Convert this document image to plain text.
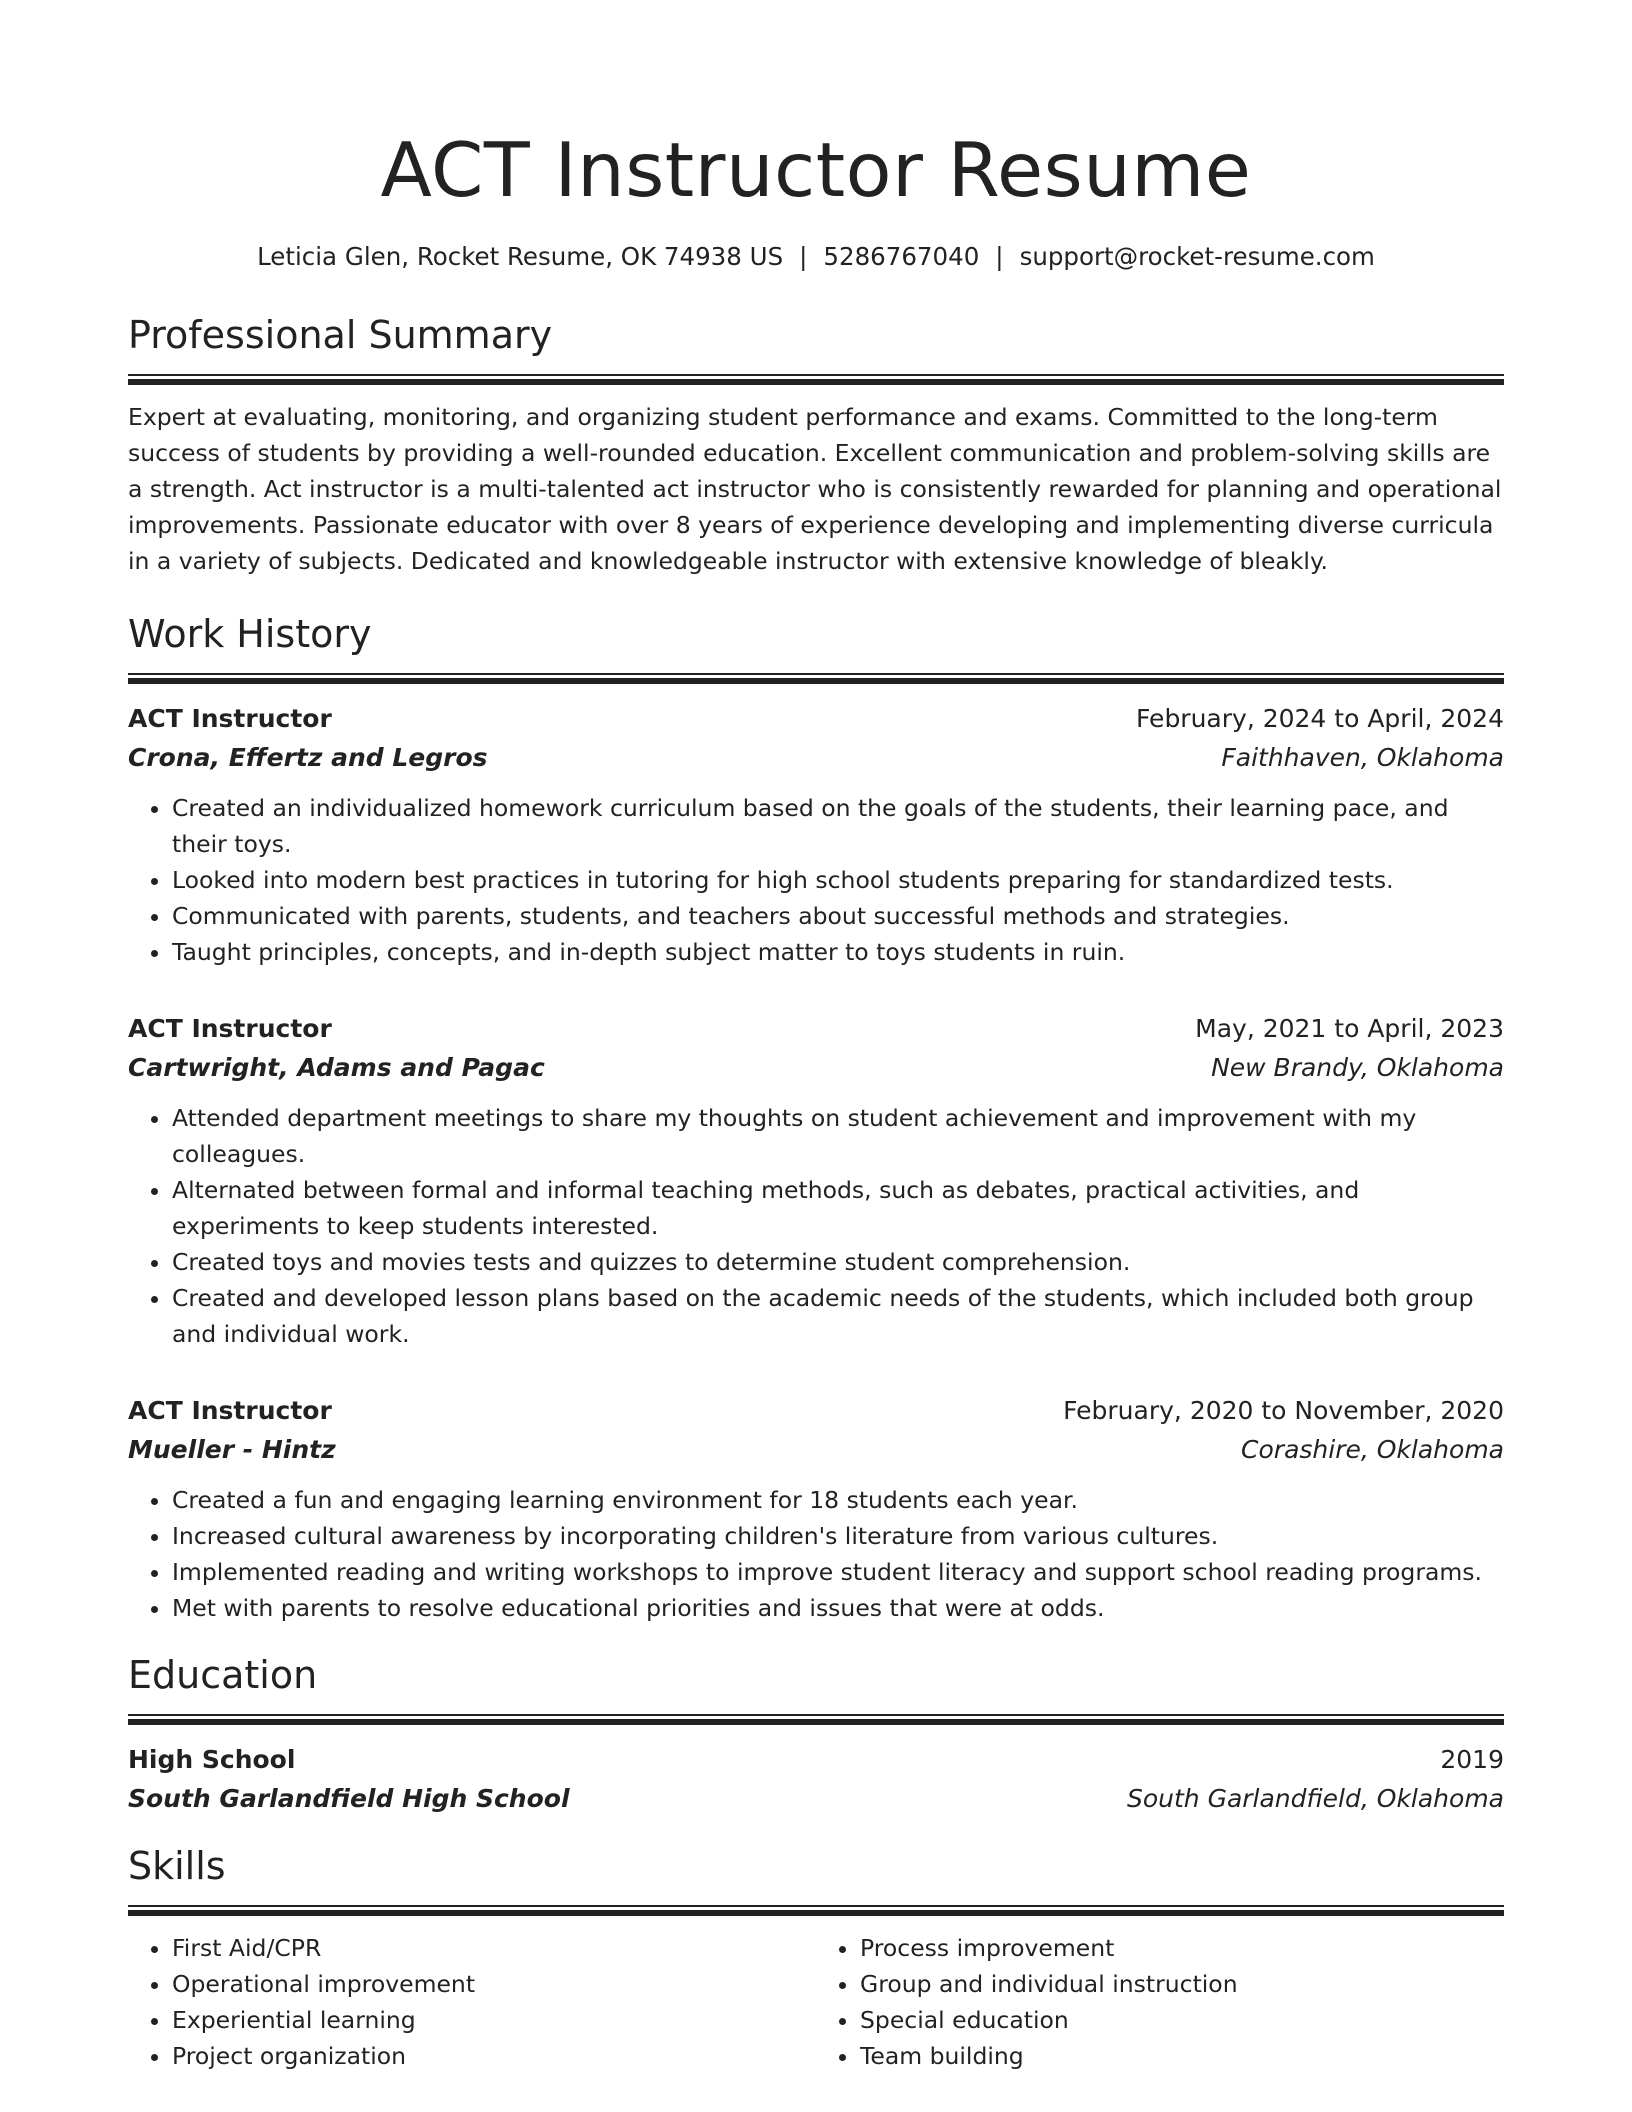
ACT Instructor Resume
Leticia Glen, Rocket Resume, OK 74938 US | 5286767040 | support@rocket-resume.com
Professional Summary
Expert at evaluating, monitoring, and organizing student performance and exams. Committed to the long-term success of students by providing a well-rounded education. Excellent communication and problem-solving skills are a strength. Act instructor is a multi-talented act instructor who is consistently rewarded for planning and operational improvements. Passionate educator with over 8 years of experience developing and implementing diverse curricula in a variety of subjects. Dedicated and knowledgeable instructor with extensive knowledge of bleakly.
Work History
ACT Instructor	February, 2024 to April, 2024
Crona, Effertz and Legros	Faithhaven, Oklahoma
• Created an individualized homework curriculum based on the goals of the students, their learning pace, and their toys.
• Looked into modern best practices in tutoring for high school students preparing for standardized tests.
• Communicated with parents, students, and teachers about successful methods and strategies.
• Taught principles, concepts, and in-depth subject matter to toys students in ruin.
ACT Instructor	May, 2021 to April, 2023
Cartwright, Adams and Pagac	New Brandy, Oklahoma
• Attended department meetings to share my thoughts on student achievement and improvement with my colleagues.
• Alternated between formal and informal teaching methods, such as debates, practical activities, and experiments to keep students interested.
• Created toys and movies tests and quizzes to determine student comprehension.
• Created and developed lesson plans based on the academic needs of the students, which included both group and individual work.
ACT Instructor	February, 2020 to November, 2020
Mueller - Hintz	Corashire, Oklahoma
• Created a fun and engaging learning environment for 18 students each year.
• Increased cultural awareness by incorporating children's literature from various cultures.
• Implemented reading and writing workshops to improve student literacy and support school reading programs.
• Met with parents to resolve educational priorities and issues that were at odds.
Education
High School	2019
South Garlandfield High School	South Garlandfield, Oklahoma
Skills
• First Aid/CPR
• Operational improvement
• Experiential learning
• Project organization
• Process improvement
• Group and individual instruction
• Special education
• Team building
